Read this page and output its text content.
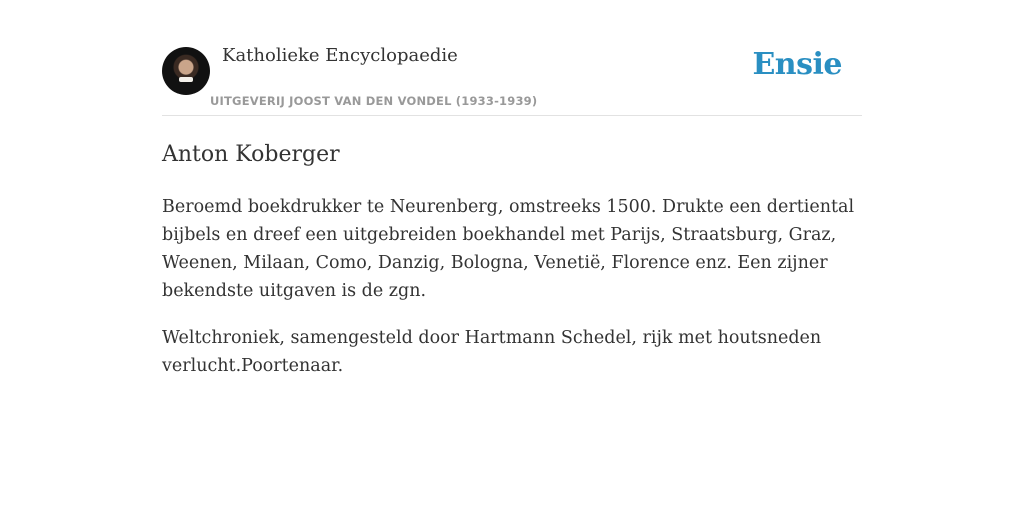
Katholieke Encyclopaedie
UITGEVERIJ JOOST VAN DEN VONDEL (1933-1939)
Ensie
Anton Koberger

Beroemd boekdrukker te Neurenberg, omstreeks 1500. Drukte een dertiental bijbels en dreef een uitgebreiden boekhandel met Parijs, Straatsburg, Graz, Weenen, Milaan, Como, Danzig, Bologna, Venetië, Florence enz. Een zijner bekendste uitgaven is de zgn.

Weltchroniek, samengesteld door Hartmann Schedel, rijk met houtsneden verlucht.Poortenaar.
